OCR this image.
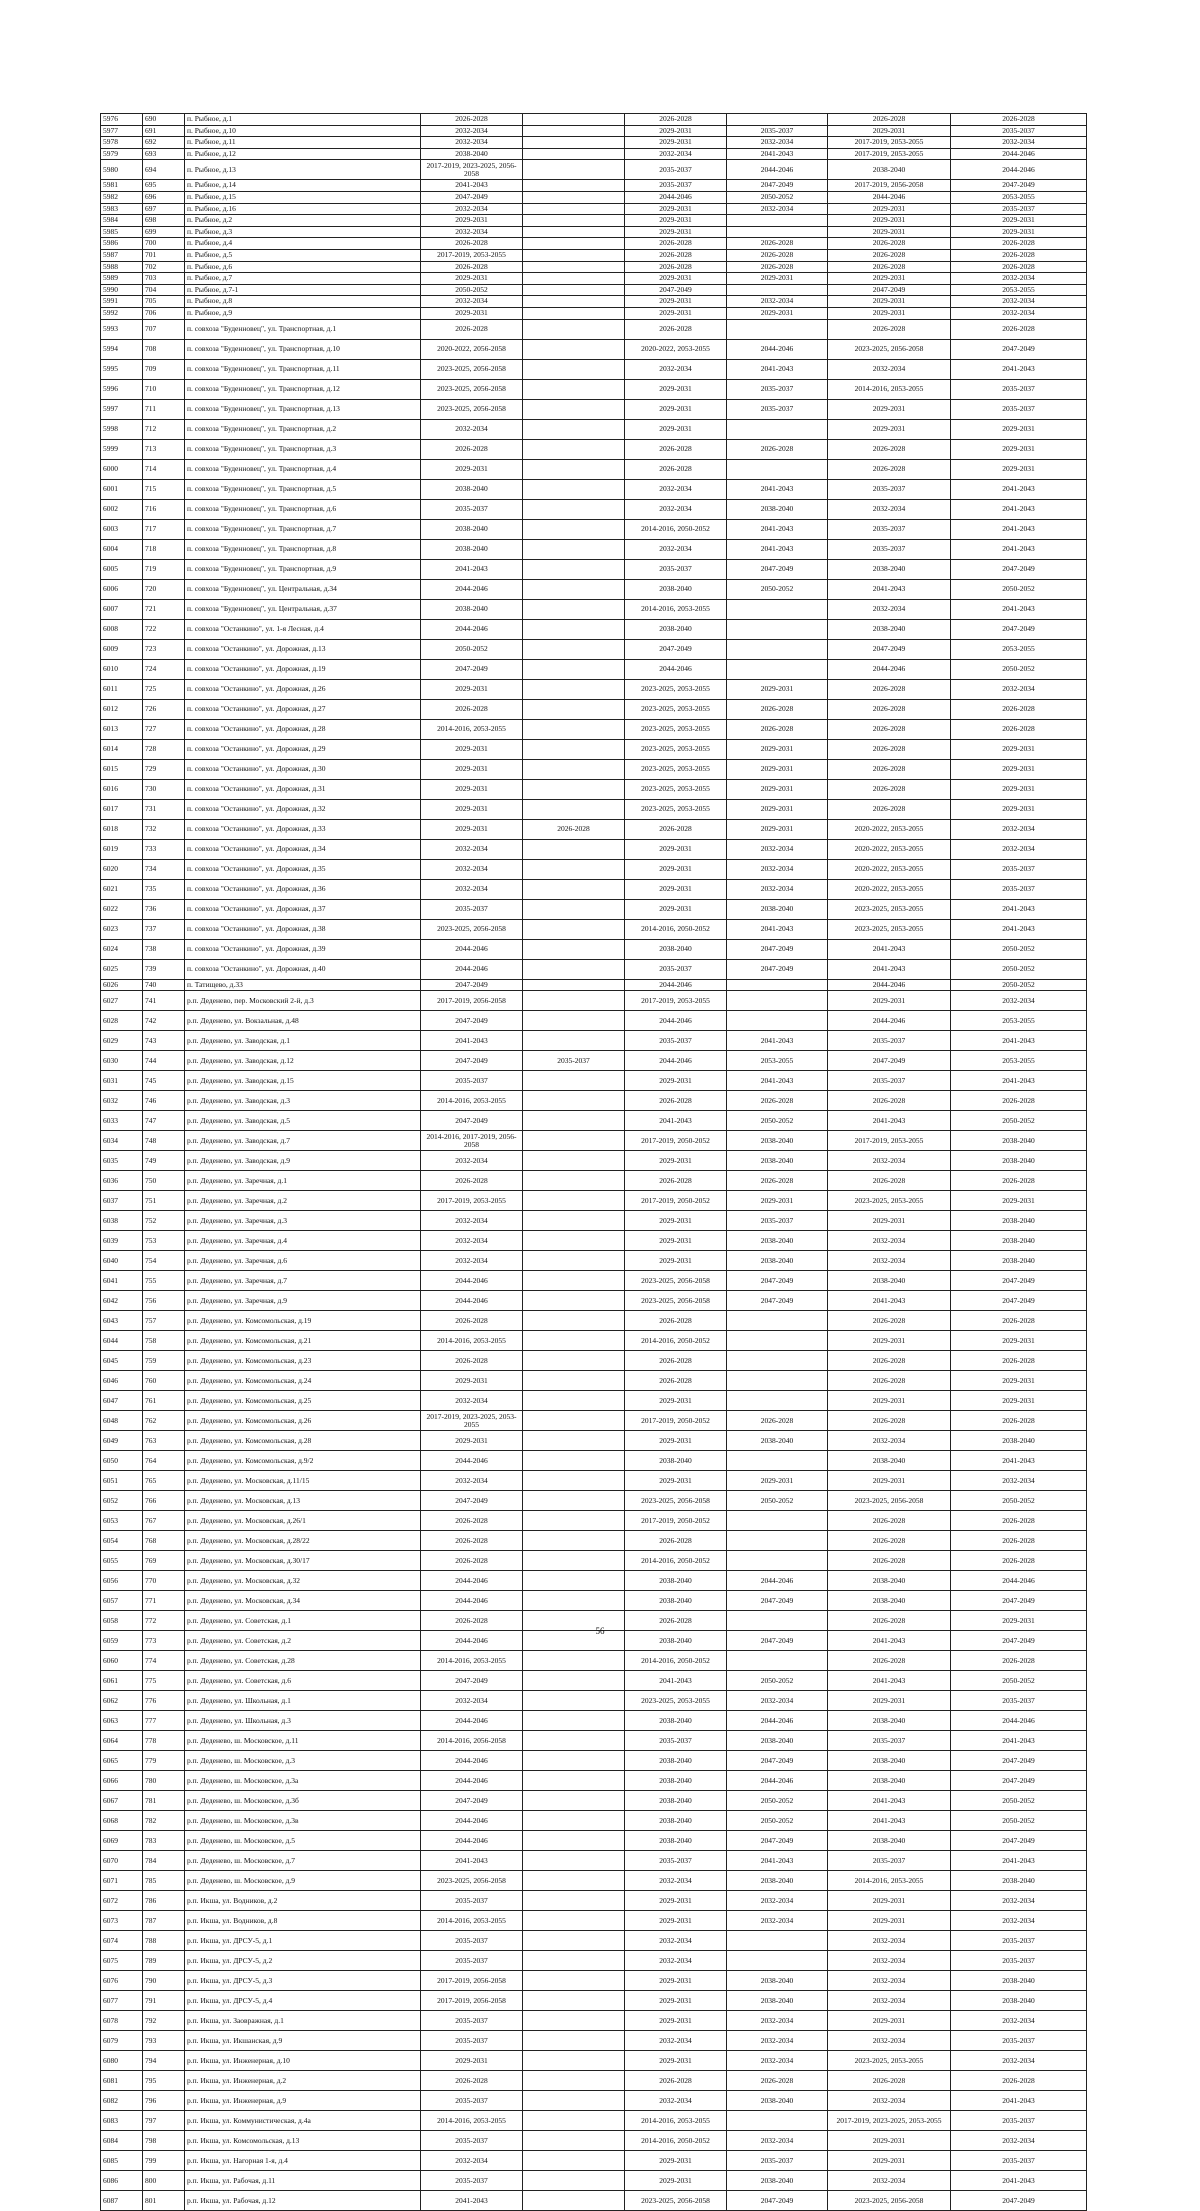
5976	690	п. Рыбное, д.1	2026-2028		2026-2028		2026-2028	2026-2028
5977	691	п. Рыбное, д.10	2032-2034		2029-2031	2035-2037	2029-2031	2035-2037
5978	692	п. Рыбное, д.11	2032-2034		2029-2031	2032-2034	2017-2019, 2053-2055	2032-2034
5979	693	п. Рыбное, д.12	2038-2040		2032-2034	2041-2043	2017-2019, 2053-2055	2044-2046
5980	694	п. Рыбное, д.13	2017-2019, 2023-2025, 2056-2058		2035-2037	2044-2046	2038-2040	2044-2046
5981	695	п. Рыбное, д.14	2041-2043		2035-2037	2047-2049	2017-2019, 2056-2058	2047-2049
5982	696	п. Рыбное, д.15	2047-2049		2044-2046	2050-2052	2044-2046	2053-2055
5983	697	п. Рыбное, д.16	2032-2034		2029-2031	2032-2034	2029-2031	2035-2037
5984	698	п. Рыбное, д.2	2029-2031		2029-2031		2029-2031	2029-2031
5985	699	п. Рыбное, д.3	2032-2034		2029-2031		2029-2031	2029-2031
5986	700	п. Рыбное, д.4	2026-2028		2026-2028	2026-2028	2026-2028	2026-2028
5987	701	п. Рыбное, д.5	2017-2019, 2053-2055		2026-2028	2026-2028	2026-2028	2026-2028
5988	702	п. Рыбное, д.6	2026-2028		2026-2028	2026-2028	2026-2028	2026-2028
5989	703	п. Рыбное, д.7	2029-2031		2029-2031	2029-2031	2029-2031	2032-2034
5990	704	п. Рыбное, д.7-1	2050-2052		2047-2049		2047-2049	2053-2055
5991	705	п. Рыбное, д.8	2032-2034		2029-2031	2032-2034	2029-2031	2032-2034
5992	706	п. Рыбное, д.9	2029-2031		2029-2031	2029-2031	2029-2031	2032-2034
5993	707	п. совхоза "Буденновец", ул. Транспортная, д.1	2026-2028		2026-2028		2026-2028	2026-2028
5994	708	п. совхоза "Буденновец", ул. Транспортная, д.10	2020-2022, 2056-2058		2020-2022, 2053-2055	2044-2046	2023-2025, 2056-2058	2047-2049
5995	709	п. совхоза "Буденновец", ул. Транспортная, д.11	2023-2025, 2056-2058		2032-2034	2041-2043	2032-2034	2041-2043
5996	710	п. совхоза "Буденновец", ул. Транспортная, д.12	2023-2025, 2056-2058		2029-2031	2035-2037	2014-2016, 2053-2055	2035-2037
5997	711	п. совхоза "Буденновец", ул. Транспортная, д.13	2023-2025, 2056-2058		2029-2031	2035-2037	2029-2031	2035-2037
5998	712	п. совхоза "Буденновец", ул. Транспортная, д.2	2032-2034		2029-2031		2029-2031	2029-2031
5999	713	п. совхоза "Буденновец", ул. Транспортная, д.3	2026-2028		2026-2028	2026-2028	2026-2028	2029-2031
6000	714	п. совхоза "Буденновец", ул. Транспортная, д.4	2029-2031		2026-2028		2026-2028	2029-2031
6001	715	п. совхоза "Буденновец", ул. Транспортная, д.5	2038-2040		2032-2034	2041-2043	2035-2037	2041-2043
6002	716	п. совхоза "Буденновец", ул. Транспортная, д.6	2035-2037		2032-2034	2038-2040	2032-2034	2041-2043
6003	717	п. совхоза "Буденновец", ул. Транспортная, д.7	2038-2040		2014-2016, 2050-2052	2041-2043	2035-2037	2041-2043
6004	718	п. совхоза "Буденновец", ул. Транспортная, д.8	2038-2040		2032-2034	2041-2043	2035-2037	2041-2043
6005	719	п. совхоза "Буденновец", ул. Транспортная, д.9	2041-2043		2035-2037	2047-2049	2038-2040	2047-2049
6006	720	п. совхоза "Буденновец", ул. Центральная, д.34	2044-2046		2038-2040	2050-2052	2041-2043	2050-2052
6007	721	п. совхоза "Буденновец", ул. Центральная, д.37	2038-2040		2014-2016, 2053-2055		2032-2034	2041-2043
6008	722	п. совхоза "Останкино", ул. 1-я Лесная, д.4	2044-2046		2038-2040		2038-2040	2047-2049
6009	723	п. совхоза "Останкино", ул. Дорожная, д.13	2050-2052		2047-2049		2047-2049	2053-2055
6010	724	п. совхоза "Останкино", ул. Дорожная, д.19	2047-2049		2044-2046		2044-2046	2050-2052
6011	725	п. совхоза "Останкино", ул. Дорожная, д.26	2029-2031		2023-2025, 2053-2055	2029-2031	2026-2028	2032-2034
6012	726	п. совхоза "Останкино", ул. Дорожная, д.27	2026-2028		2023-2025, 2053-2055	2026-2028	2026-2028	2026-2028
6013	727	п. совхоза "Останкино", ул. Дорожная, д.28	2014-2016, 2053-2055		2023-2025, 2053-2055	2026-2028	2026-2028	2026-2028
6014	728	п. совхоза "Останкино", ул. Дорожная, д.29	2029-2031		2023-2025, 2053-2055	2029-2031	2026-2028	2029-2031
6015	729	п. совхоза "Останкино", ул. Дорожная, д.30	2029-2031		2023-2025, 2053-2055	2029-2031	2026-2028	2029-2031
6016	730	п. совхоза "Останкино", ул. Дорожная, д.31	2029-2031		2023-2025, 2053-2055	2029-2031	2026-2028	2029-2031
6017	731	п. совхоза "Останкино", ул. Дорожная, д.32	2029-2031		2023-2025, 2053-2055	2029-2031	2026-2028	2029-2031
6018	732	п. совхоза "Останкино", ул. Дорожная, д.33	2029-2031	2026-2028	2026-2028	2029-2031	2020-2022, 2053-2055	2032-2034
6019	733	п. совхоза "Останкино", ул. Дорожная, д.34	2032-2034		2029-2031	2032-2034	2020-2022, 2053-2055	2032-2034
6020	734	п. совхоза "Останкино", ул. Дорожная, д.35	2032-2034		2029-2031	2032-2034	2020-2022, 2053-2055	2035-2037
6021	735	п. совхоза "Останкино", ул. Дорожная, д.36	2032-2034		2029-2031	2032-2034	2020-2022, 2053-2055	2035-2037
6022	736	п. совхоза "Останкино", ул. Дорожная, д.37	2035-2037		2029-2031	2038-2040	2023-2025, 2053-2055	2041-2043
6023	737	п. совхоза "Останкино", ул. Дорожная, д.38	2023-2025, 2056-2058		2014-2016, 2050-2052	2041-2043	2023-2025, 2053-2055	2041-2043
6024	738	п. совхоза "Останкино", ул. Дорожная, д.39	2044-2046		2038-2040	2047-2049	2041-2043	2050-2052
6025	739	п. совхоза "Останкино", ул. Дорожная, д.40	2044-2046		2035-2037	2047-2049	2041-2043	2050-2052
6026	740	п. Татищево, д.33	2047-2049		2044-2046		2044-2046	2050-2052
6027	741	р.п. Деденево, пер. Московский 2-й, д.3	2017-2019, 2056-2058		2017-2019, 2053-2055		2029-2031	2032-2034
6028	742	р.п. Деденево, ул. Вокзальная, д.48	2047-2049		2044-2046		2044-2046	2053-2055
6029	743	р.п. Деденево, ул. Заводская, д.1	2041-2043		2035-2037	2041-2043	2035-2037	2041-2043
6030	744	р.п. Деденево, ул. Заводская, д.12	2047-2049	2035-2037	2044-2046	2053-2055	2047-2049	2053-2055
6031	745	р.п. Деденево, ул. Заводская, д.15	2035-2037		2029-2031	2041-2043	2035-2037	2041-2043
6032	746	р.п. Деденево, ул. Заводская, д.3	2014-2016, 2053-2055		2026-2028	2026-2028	2026-2028	2026-2028
6033	747	р.п. Деденево, ул. Заводская, д.5	2047-2049		2041-2043	2050-2052	2041-2043	2050-2052
6034	748	р.п. Деденево, ул. Заводская, д.7	2014-2016, 2017-2019, 2056-2058		2017-2019, 2050-2052	2038-2040	2017-2019, 2053-2055	2038-2040
6035	749	р.п. Деденево, ул. Заводская, д.9	2032-2034		2029-2031	2038-2040	2032-2034	2038-2040
6036	750	р.п. Деденево, ул. Заречная, д.1	2026-2028		2026-2028	2026-2028	2026-2028	2026-2028
6037	751	р.п. Деденево, ул. Заречная, д.2	2017-2019, 2053-2055		2017-2019, 2050-2052	2029-2031	2023-2025, 2053-2055	2029-2031
6038	752	р.п. Деденево, ул. Заречная, д.3	2032-2034		2029-2031	2035-2037	2029-2031	2038-2040
6039	753	р.п. Деденево, ул. Заречная, д.4	2032-2034		2029-2031	2038-2040	2032-2034	2038-2040
6040	754	р.п. Деденево, ул. Заречная, д.6	2032-2034		2029-2031	2038-2040	2032-2034	2038-2040
6041	755	р.п. Деденево, ул. Заречная, д.7	2044-2046		2023-2025, 2056-2058	2047-2049	2038-2040	2047-2049
6042	756	р.п. Деденево, ул. Заречная, д.9	2044-2046		2023-2025, 2056-2058	2047-2049	2041-2043	2047-2049
6043	757	р.п. Деденево, ул. Комсомольская, д.19	2026-2028		2026-2028		2026-2028	2026-2028
6044	758	р.п. Деденево, ул. Комсомольская, д.21	2014-2016, 2053-2055		2014-2016, 2050-2052		2029-2031	2029-2031
6045	759	р.п. Деденево, ул. Комсомольская, д.23	2026-2028		2026-2028		2026-2028	2026-2028
6046	760	р.п. Деденево, ул. Комсомольская, д.24	2029-2031		2026-2028		2026-2028	2029-2031
6047	761	р.п. Деденево, ул. Комсомольская, д.25	2032-2034		2029-2031		2029-2031	2029-2031
6048	762	р.п. Деденево, ул. Комсомольская, д.26	2017-2019, 2023-2025, 2053-2055		2017-2019, 2050-2052	2026-2028	2026-2028	2026-2028
6049	763	р.п. Деденево, ул. Комсомольская, д.28	2029-2031		2029-2031	2038-2040	2032-2034	2038-2040
6050	764	р.п. Деденево, ул. Комсомольская, д.9/2	2044-2046		2038-2040		2038-2040	2041-2043
6051	765	р.п. Деденево, ул. Московская, д.11/15	2032-2034		2029-2031	2029-2031	2029-2031	2032-2034
6052	766	р.п. Деденево, ул. Московская, д.13	2047-2049		2023-2025, 2056-2058	2050-2052	2023-2025, 2056-2058	2050-2052
6053	767	р.п. Деденево, ул. Московская, д.26/1	2026-2028		2017-2019, 2050-2052		2026-2028	2026-2028
6054	768	р.п. Деденево, ул. Московская, д.28/22	2026-2028		2026-2028		2026-2028	2026-2028
6055	769	р.п. Деденево, ул. Московская, д.30/17	2026-2028		2014-2016, 2050-2052		2026-2028	2026-2028
6056	770	р.п. Деденево, ул. Московская, д.32	2044-2046		2038-2040	2044-2046	2038-2040	2044-2046
6057	771	р.п. Деденево, ул. Московская, д.34	2044-2046		2038-2040	2047-2049	2038-2040	2047-2049
6058	772	р.п. Деденево, ул. Советская, д.1	2026-2028		2026-2028		2026-2028	2029-2031
6059	773	р.п. Деденево, ул. Советская, д.2	2044-2046		2038-2040	2047-2049	2041-2043	2047-2049
6060	774	р.п. Деденево, ул. Советская, д.28	2014-2016, 2053-2055		2014-2016, 2050-2052		2026-2028	2026-2028
6061	775	р.п. Деденево, ул. Советская, д.6	2047-2049		2041-2043	2050-2052	2041-2043	2050-2052
6062	776	р.п. Деденево, ул. Школьная, д.1	2032-2034		2023-2025, 2053-2055	2032-2034	2029-2031	2035-2037
6063	777	р.п. Деденево, ул. Школьная, д.3	2044-2046		2038-2040	2044-2046	2038-2040	2044-2046
6064	778	р.п. Деденево, ш. Московское, д.11	2014-2016, 2056-2058		2035-2037	2038-2040	2035-2037	2041-2043
6065	779	р.п. Деденево, ш. Московское, д.3	2044-2046		2038-2040	2047-2049	2038-2040	2047-2049
6066	780	р.п. Деденево, ш. Московское, д.3а	2044-2046		2038-2040	2044-2046	2038-2040	2047-2049
6067	781	р.п. Деденево, ш. Московское, д.3б	2047-2049		2038-2040	2050-2052	2041-2043	2050-2052
6068	782	р.п. Деденево, ш. Московское, д.3в	2044-2046		2038-2040	2050-2052	2041-2043	2050-2052
6069	783	р.п. Деденево, ш. Московское, д.5	2044-2046		2038-2040	2047-2049	2038-2040	2047-2049
6070	784	р.п. Деденево, ш. Московское, д.7	2041-2043		2035-2037	2041-2043	2035-2037	2041-2043
6071	785	р.п. Деденево, ш. Московское, д.9	2023-2025, 2056-2058		2032-2034	2038-2040	2014-2016, 2053-2055	2038-2040
6072	786	р.п. Икша, ул. Водников, д.2	2035-2037		2029-2031	2032-2034	2029-2031	2032-2034
6073	787	р.п. Икша, ул. Водников, д.8	2014-2016, 2053-2055		2029-2031	2032-2034	2029-2031	2032-2034
6074	788	р.п. Икша, ул. ДРСУ-5, д.1	2035-2037		2032-2034		2032-2034	2035-2037
6075	789	р.п. Икша, ул. ДРСУ-5, д.2	2035-2037		2032-2034		2032-2034	2035-2037
6076	790	р.п. Икша, ул. ДРСУ-5, д.3	2017-2019, 2056-2058		2029-2031	2038-2040	2032-2034	2038-2040
6077	791	р.п. Икша, ул. ДРСУ-5, д.4	2017-2019, 2056-2058		2029-2031	2038-2040	2032-2034	2038-2040
6078	792	р.п. Икша, ул. Заовражная, д.1	2035-2037		2029-2031	2032-2034	2029-2031	2032-2034
6079	793	р.п. Икша, ул. Икшанская, д.9	2035-2037		2032-2034	2032-2034	2032-2034	2035-2037
6080	794	р.п. Икша, ул. Инженерная, д.10	2029-2031		2029-2031	2032-2034	2023-2025, 2053-2055	2032-2034
6081	795	р.п. Икша, ул. Инженерная, д.2	2026-2028		2026-2028	2026-2028	2026-2028	2026-2028
6082	796	р.п. Икша, ул. Инженерная, д.9	2035-2037		2032-2034	2038-2040	2032-2034	2041-2043
6083	797	р.п. Икша, ул. Коммунистическая, д.4а	2014-2016, 2053-2055		2014-2016, 2053-2055		2017-2019, 2023-2025, 2053-2055	2035-2037
6084	798	р.п. Икша, ул. Комсомольская, д.13	2035-2037		2014-2016, 2050-2052	2032-2034	2029-2031	2032-2034
6085	799	р.п. Икша, ул. Нагорная 1-я, д.4	2032-2034		2029-2031	2035-2037	2029-2031	2035-2037
6086	800	р.п. Икша, ул. Рабочая, д.11	2035-2037		2029-2031	2038-2040	2032-2034	2041-2043
6087	801	р.п. Икша, ул. Рабочая, д.12	2041-2043		2023-2025, 2056-2058	2047-2049	2023-2025, 2056-2058	2047-2049
56
